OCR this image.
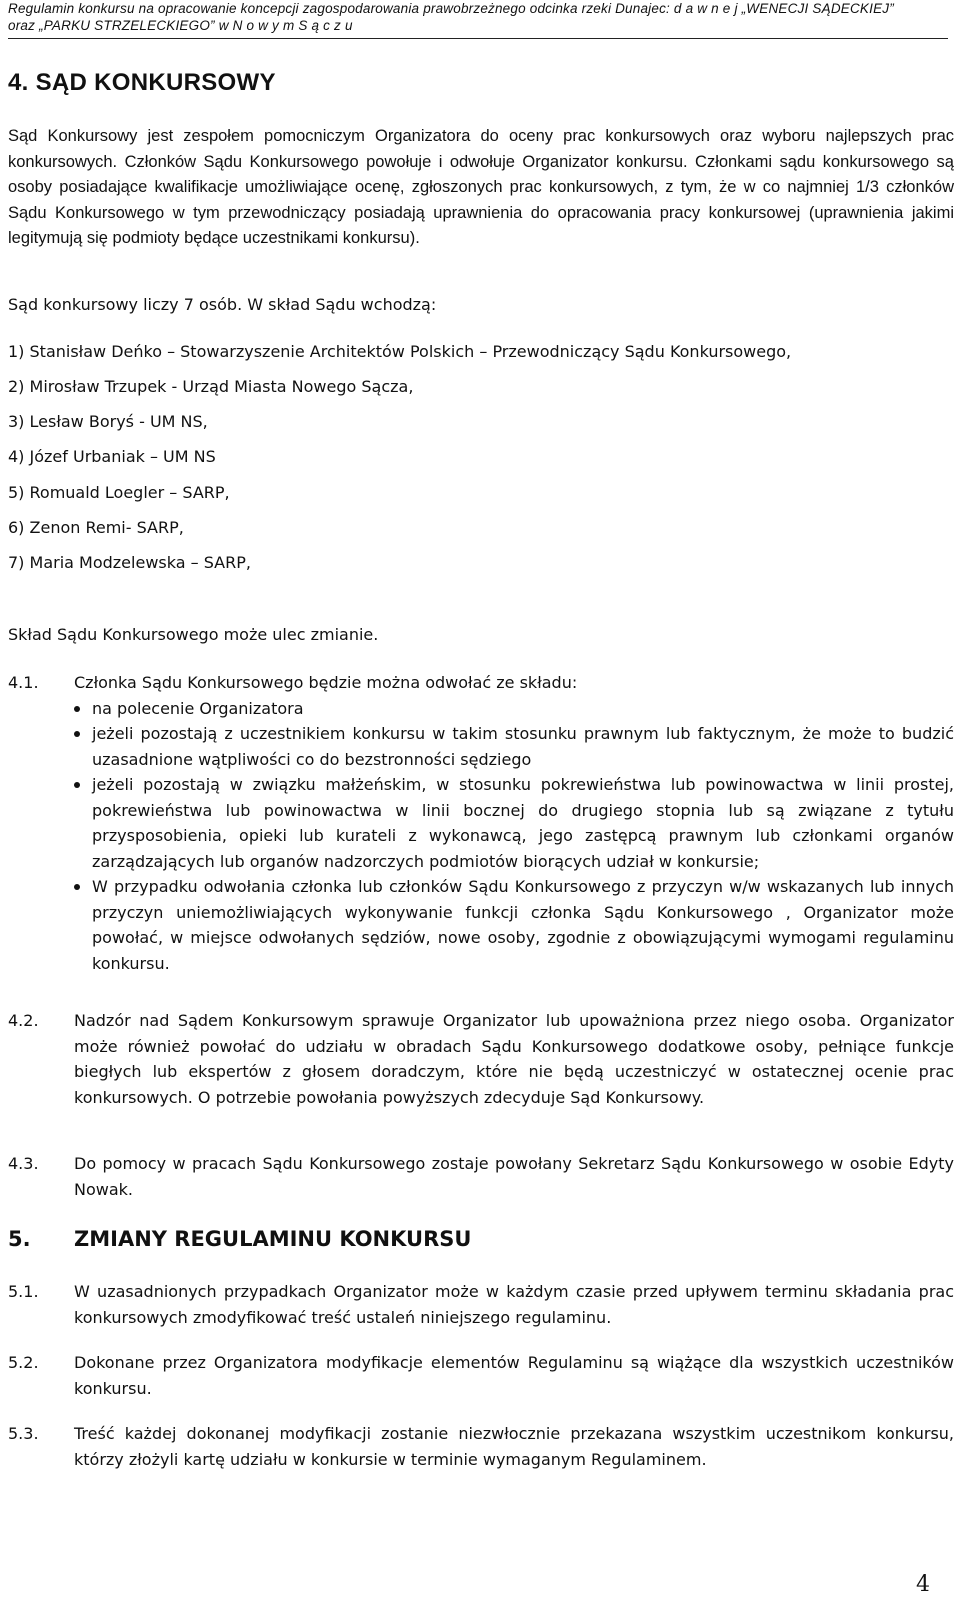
Regulamin konkursu na opracowanie koncepcji zagospodarowania prawobrzeżnego odcinka rzeki Dunajec: d a w n e j „WENECJI SĄDECKIEJ”
oraz „PARKU STRZELECKIEGO” w N o w y m S ą c z u
4. SĄD KONKURSOWY
Sąd Konkursowy jest zespołem pomocniczym Organizatora do oceny prac konkursowych oraz wyboru najlepszych prac konkursowych. Członków Sądu Konkursowego powołuje i odwołuje Organizator konkursu. Członkami sądu konkursowego są osoby posiadające kwalifikacje umożliwiające ocenę, zgłoszonych prac konkursowych, z tym, że w co najmniej 1/3 członków Sądu Konkursowego w tym przewodniczący posiadają uprawnienia do opracowania pracy konkursowej (uprawnienia jakimi legitymują się podmioty będące uczestnikami konkursu).
Sąd konkursowy liczy 7 osób. W skład Sądu wchodzą:
1) Stanisław Deńko – Stowarzyszenie Architektów Polskich – Przewodniczący Sądu Konkursowego,
2) Mirosław Trzupek - Urząd Miasta Nowego Sącza,
3) Lesław Boryś - UM NS,
4) Józef Urbaniak – UM NS
5) Romuald Loegler – SARP,
6) Zenon Remi- SARP,
7) Maria Modzelewska – SARP,
Skład Sądu Konkursowego może ulec zmianie.
4.1. Członka Sądu Konkursowego będzie można odwołać ze składu:
na polecenie Organizatora
jeżeli pozostają z uczestnikiem konkursu w takim stosunku prawnym lub faktycznym, że może to budzić uzasadnione wątpliwości co do bezstronności sędziego
jeżeli pozostają w związku małżeńskim, w stosunku pokrewieństwa lub powinowactwa w linii prostej, pokrewieństwa lub powinowactwa w linii bocznej do drugiego stopnia lub są związane z tytułu przysposobienia, opieki lub kurateli z wykonawcą, jego zastępcą prawnym lub członkami organów zarządzających lub organów nadzorczych podmiotów biorących udział w konkursie;
W przypadku odwołania członka lub członków Sądu Konkursowego z przyczyn w/w wskazanych lub innych przyczyn uniemożliwiających wykonywanie funkcji członka Sądu Konkursowego , Organizator może powołać, w miejsce odwołanych sędziów, nowe osoby, zgodnie z obowiązującymi wymogami regulaminu konkursu.
4.2. Nadzór nad Sądem Konkursowym sprawuje Organizator lub upoważniona przez niego osoba. Organizator może również powołać do udziału w obradach Sądu Konkursowego dodatkowe osoby, pełniące funkcje biegłych lub ekspertów z głosem doradczym, które nie będą uczestniczyć w ostatecznej ocenie prac konkursowych. O potrzebie powołania powyższych zdecyduje Sąd Konkursowy.
4.3. Do pomocy w pracach Sądu Konkursowego zostaje powołany Sekretarz Sądu Konkursowego w osobie Edyty Nowak.
5. ZMIANY REGULAMINU KONKURSU
5.1. W uzasadnionych przypadkach Organizator może w każdym czasie przed upływem terminu składania prac konkursowych zmodyfikować treść ustaleń niniejszego regulaminu.
5.2. Dokonane przez Organizatora modyfikacje elementów Regulaminu są wiążące dla wszystkich uczestników konkursu.
5.3. Treść każdej dokonanej modyfikacji zostanie niezwłocznie przekazana wszystkim uczestnikom konkursu, którzy złożyli kartę udziału w konkursie w terminie wymaganym Regulaminem.
4
